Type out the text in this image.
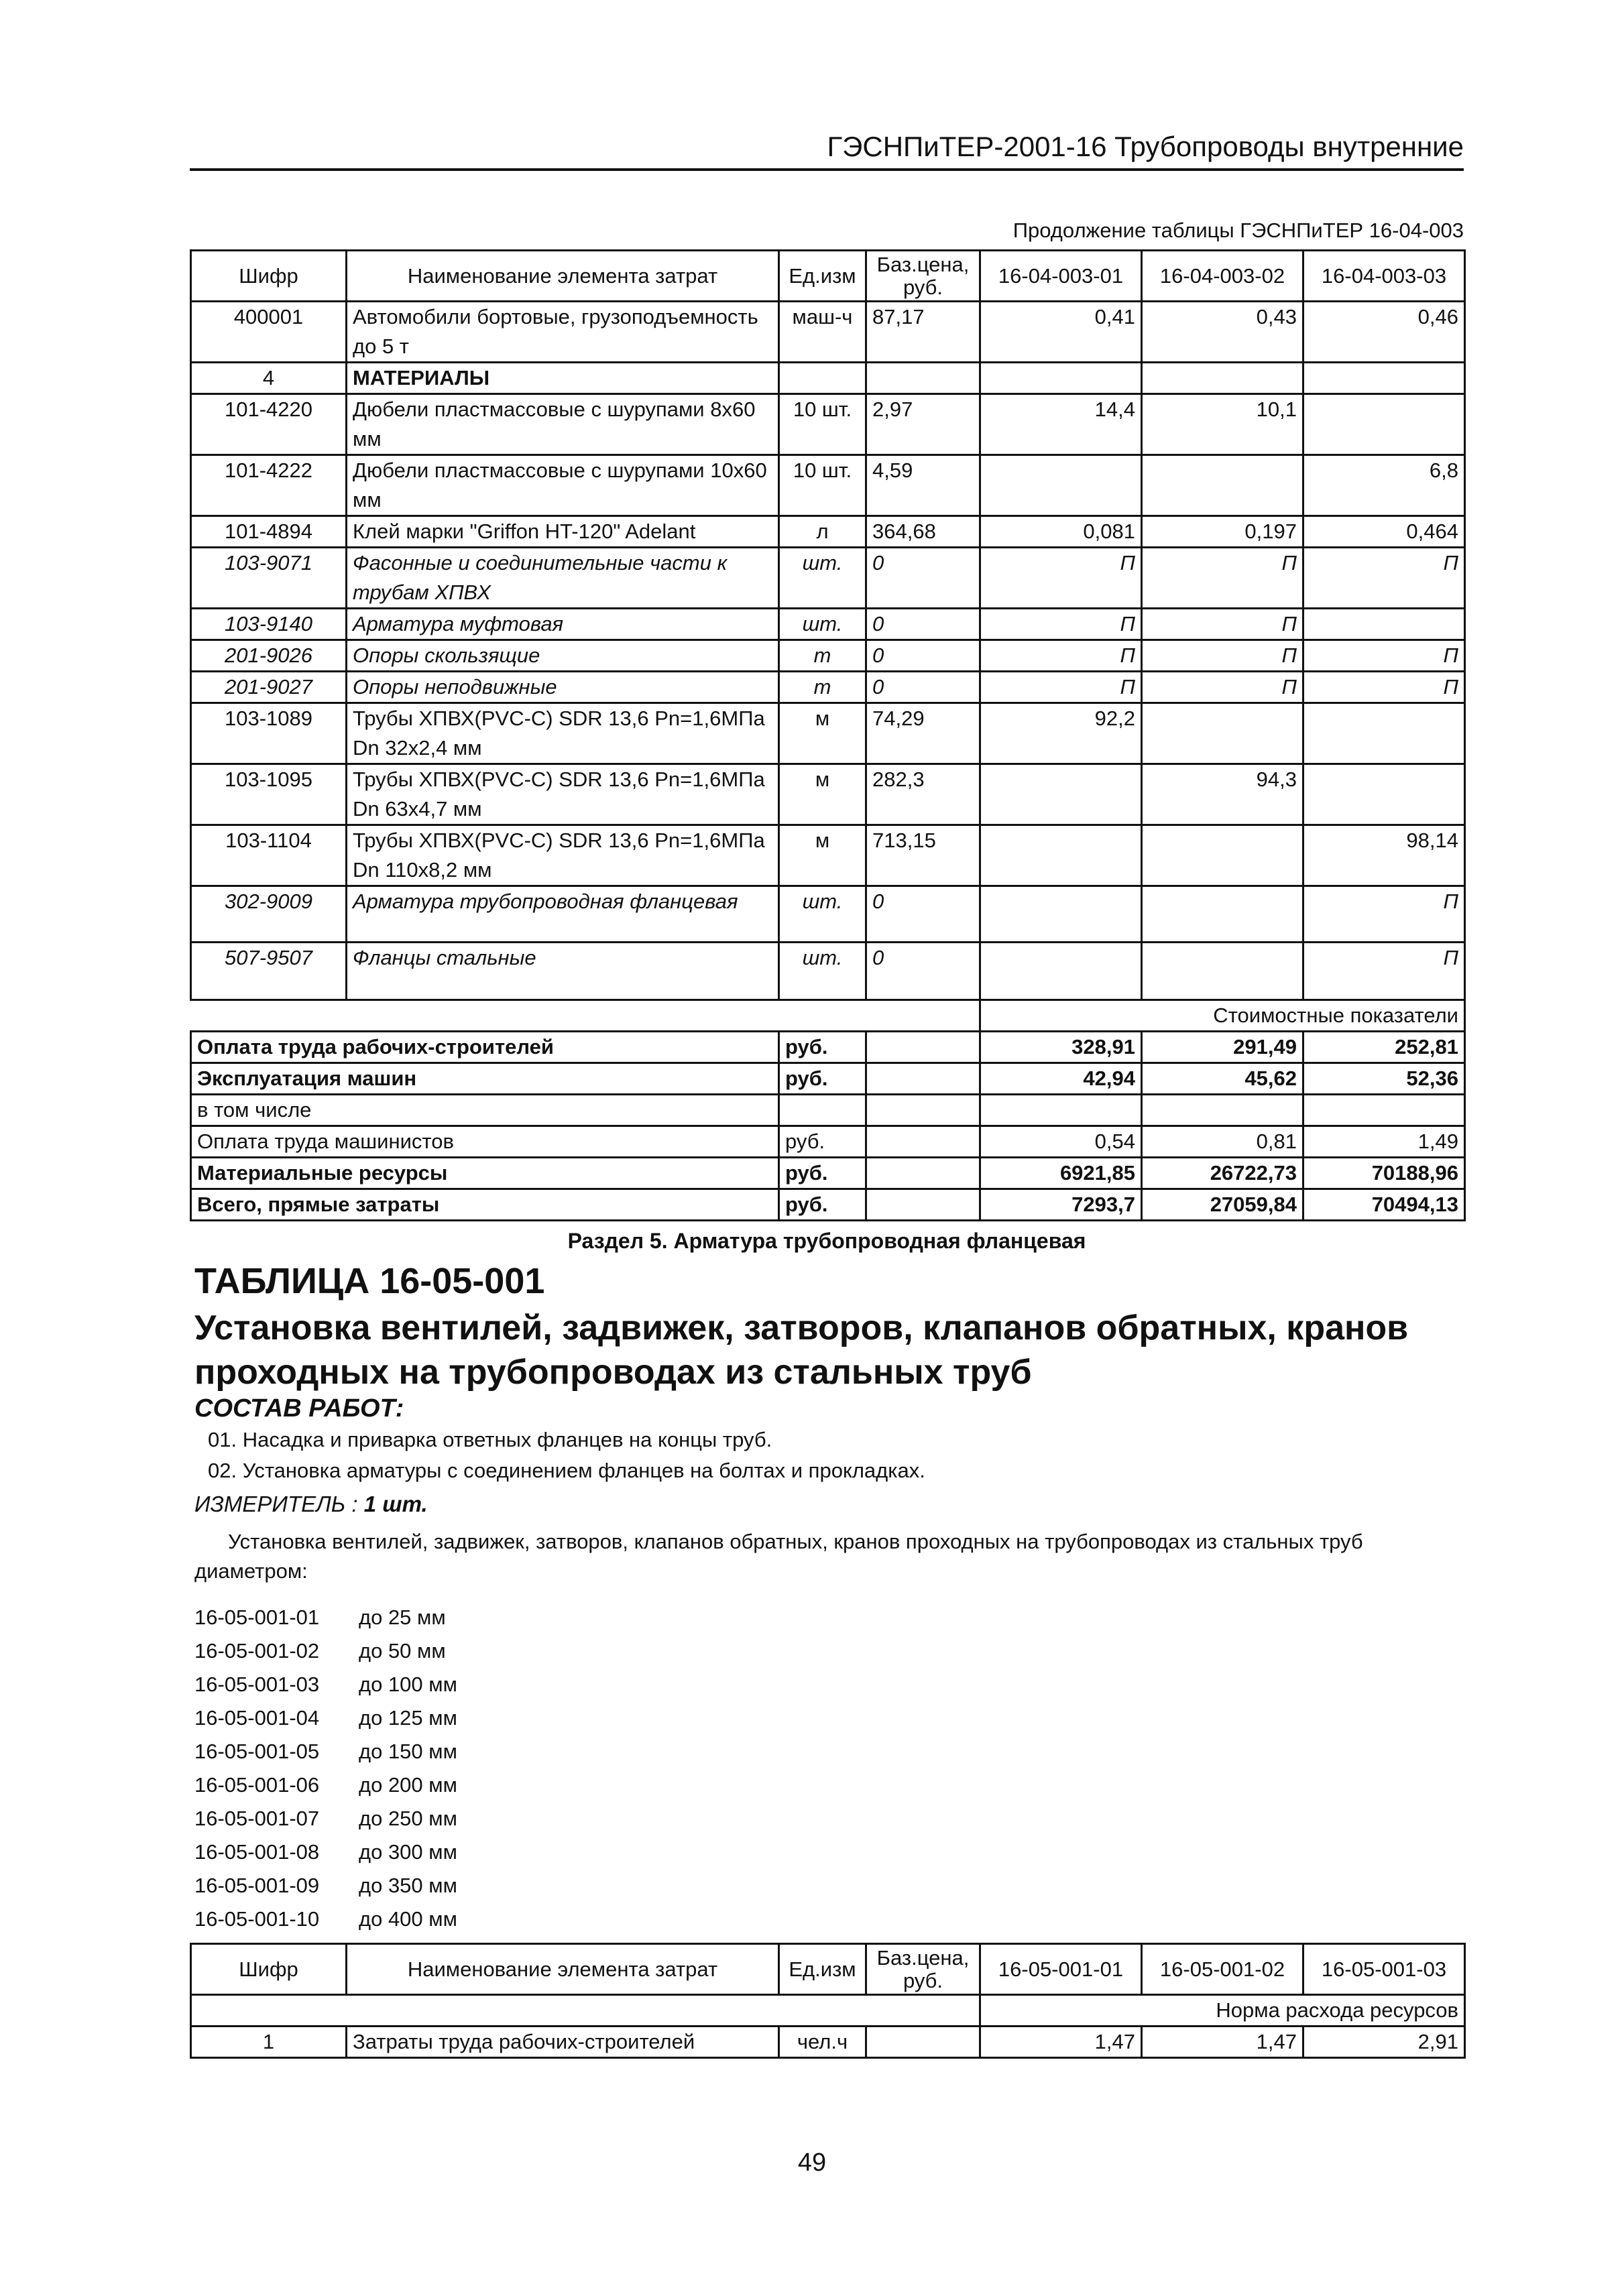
ГЭСНПиТЕР-2001-16 Трубопроводы внутренние
Продолжение таблицы ГЭСНПиТЕР 16-04-003
Шифр	Наименование элемента затрат	Ед.изм	Баз.цена, руб.	16-04-003-01	16-04-003-02	16-04-003-03
400001	Автомобили бортовые, грузоподъемность до 5 т	маш-ч	87,17	0,41	0,43	0,46
4	МАТЕРИАЛЫ					
101-4220	Дюбели пластмассовые с шурупами 8х60 мм	10 шт.	2,97	14,4	10,1	
101-4222	Дюбели пластмассовые с шурупами 10х60 мм	10 шт.	4,59			6,8
101-4894	Клей марки "Griffon HT-120" Adelant	л	364,68	0,081	0,197	0,464
103-9071	Фасонные и соединительные части к трубам ХПВХ	шт.	0	П	П	П
103-9140	Арматура муфтовая	шт.	0	П	П	
201-9026	Опоры скользящие	т	0	П	П	П
201-9027	Опоры неподвижные	т	0	П	П	П
103-1089	Трубы ХПВХ(PVC-C) SDR 13,6 Pn=1,6МПа Dn 32х2,4 мм	м	74,29	92,2		
103-1095	Трубы ХПВХ(PVC-C) SDR 13,6 Pn=1,6МПа Dn 63х4,7 мм	м	282,3		94,3	
103-1104	Трубы ХПВХ(PVC-C) SDR 13,6 Pn=1,6МПа Dn 110х8,2 мм	м	713,15			98,14
302-9009	Арматура трубопроводная фланцевая	шт.	0			П
507-9507	Фланцы стальные	шт.	0			П
				Стоимостные показатели		
Оплата труда рабочих-строителей		руб.		328,91	291,49	252,81
Эксплуатация машин		руб.		42,94	45,62	52,36
в том числе						
Оплата труда машинистов		руб.		0,54	0,81	1,49
Материальные ресурсы		руб.		6921,85	26722,73	70188,96
Всего, прямые затраты		руб.		7293,7	27059,84	70494,13
Раздел 5. Арматура трубопроводная фланцевая
ТАБЛИЦА 16-05-001
Установка вентилей, задвижек, затворов, клапанов обратных, кранов проходных на трубопроводах из стальных труб
СОСТАВ РАБОТ:
01. Насадка и приварка ответных фланцев на концы труб.
02. Установка арматуры с соединением фланцев на болтах и прокладках.
ИЗМЕРИТЕЛЬ : 1 шт.
Установка вентилей, задвижек, затворов, клапанов обратных, кранов проходных на трубопроводах из стальных труб диаметром:
16-05-001-01 до 25 мм
16-05-001-02 до 50 мм
16-05-001-03 до 100 мм
16-05-001-04 до 125 мм
16-05-001-05 до 150 мм
16-05-001-06 до 200 мм
16-05-001-07 до 250 мм
16-05-001-08 до 300 мм
16-05-001-09 до 350 мм
16-05-001-10 до 400 мм
Шифр	Наименование элемента затрат	Ед.изм	Баз.цена, руб.	16-05-001-01	16-05-001-02	16-05-001-03
				Норма расхода ресурсов		
1	Затраты труда рабочих-строителей	чел.ч		1,47	1,47	2,91
49
